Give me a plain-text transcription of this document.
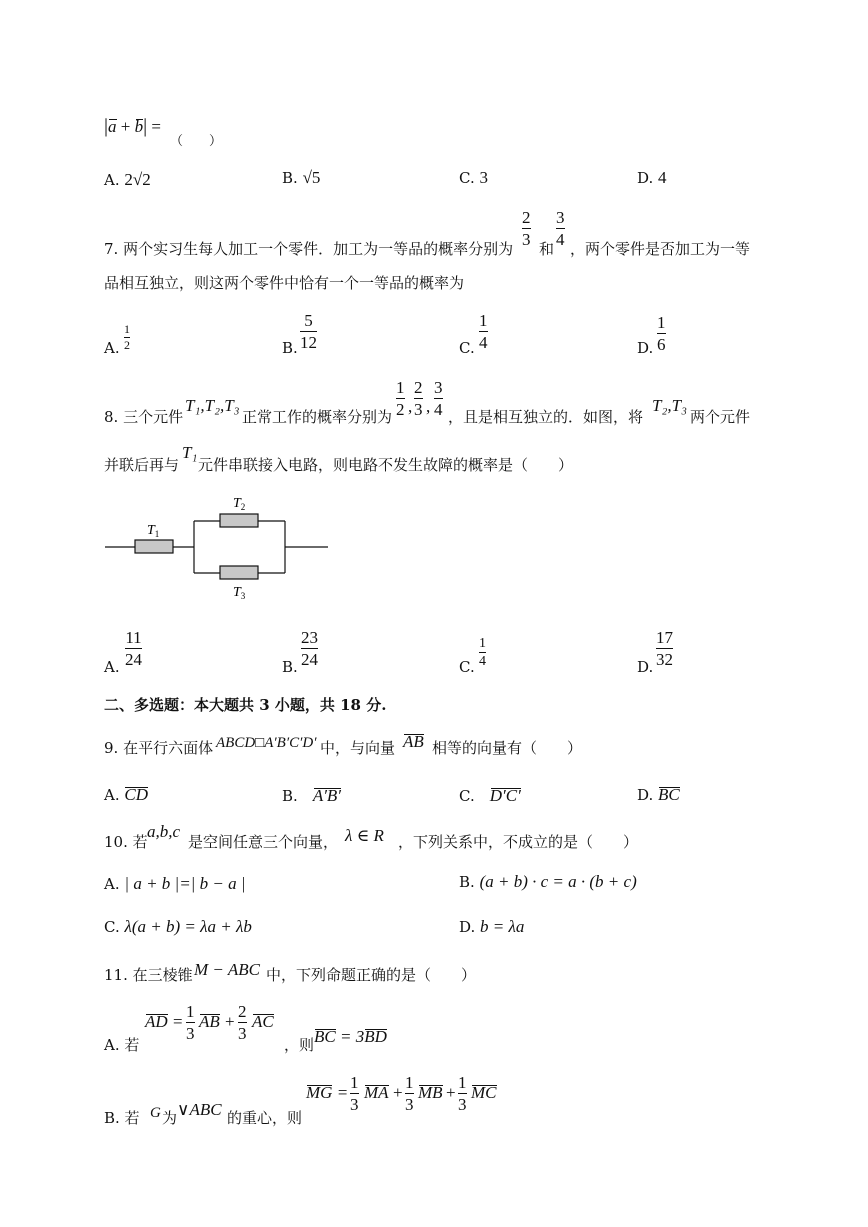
|a + b| =
（　　）
A. 2√2	B. √5	C. 3	D. 4
7. 两个实习生每人加工一个零件．加工为一等品的概率分别为
2
3 和
3
4 ，两个零件是否加工为一等
品相互独立，则这两个零件中恰有一个一等品的概率为
A.
1
2	B.
5
12	C.
1
4	D.
1
6
8. 三个元件
T₁,T₂,T₃
正常工作的概率分别为
1
2 ,
2
3 ,
3
4 ，且是相互独立的．如图，将
T₂,T₃
两个元件
并联后再与
T₁
元件串联接入电路，则电路不发生故障的概率是（　　）
$T_1$
$T_2$
$T_3$
A.
11
24	B.
23
24	C.
1
4	D.
17
32
二、多选题：本大题共 3 小题，共 18 分.
9. 在平行六面体 ABCD□A′B′C′D′ 中，与向量 AB 相等的向量有（　　）
A. CD	B.　 A′B′	C.　 D′C′	D. BC
10. 若
a,b,c
是空间任意三个向量， λ ∈ R ，下列关系中，不成立的是（　　）
A. | a + b |=| b − a |	B. (a + b) · c = a · (b + c)
C. λ(a + b) = λa + λb	D. b = λa
11. 在三棱锥 M − ABC 中，下列命题正确的是（　　）
A. 若
AD =
1
3
AB +
2
3
AC
，则 BC = 3BD
B. 若 G 为 ∨ABC 的重心，则
MG =
1
3
MA +
1
3
MB +
1
3
MC
